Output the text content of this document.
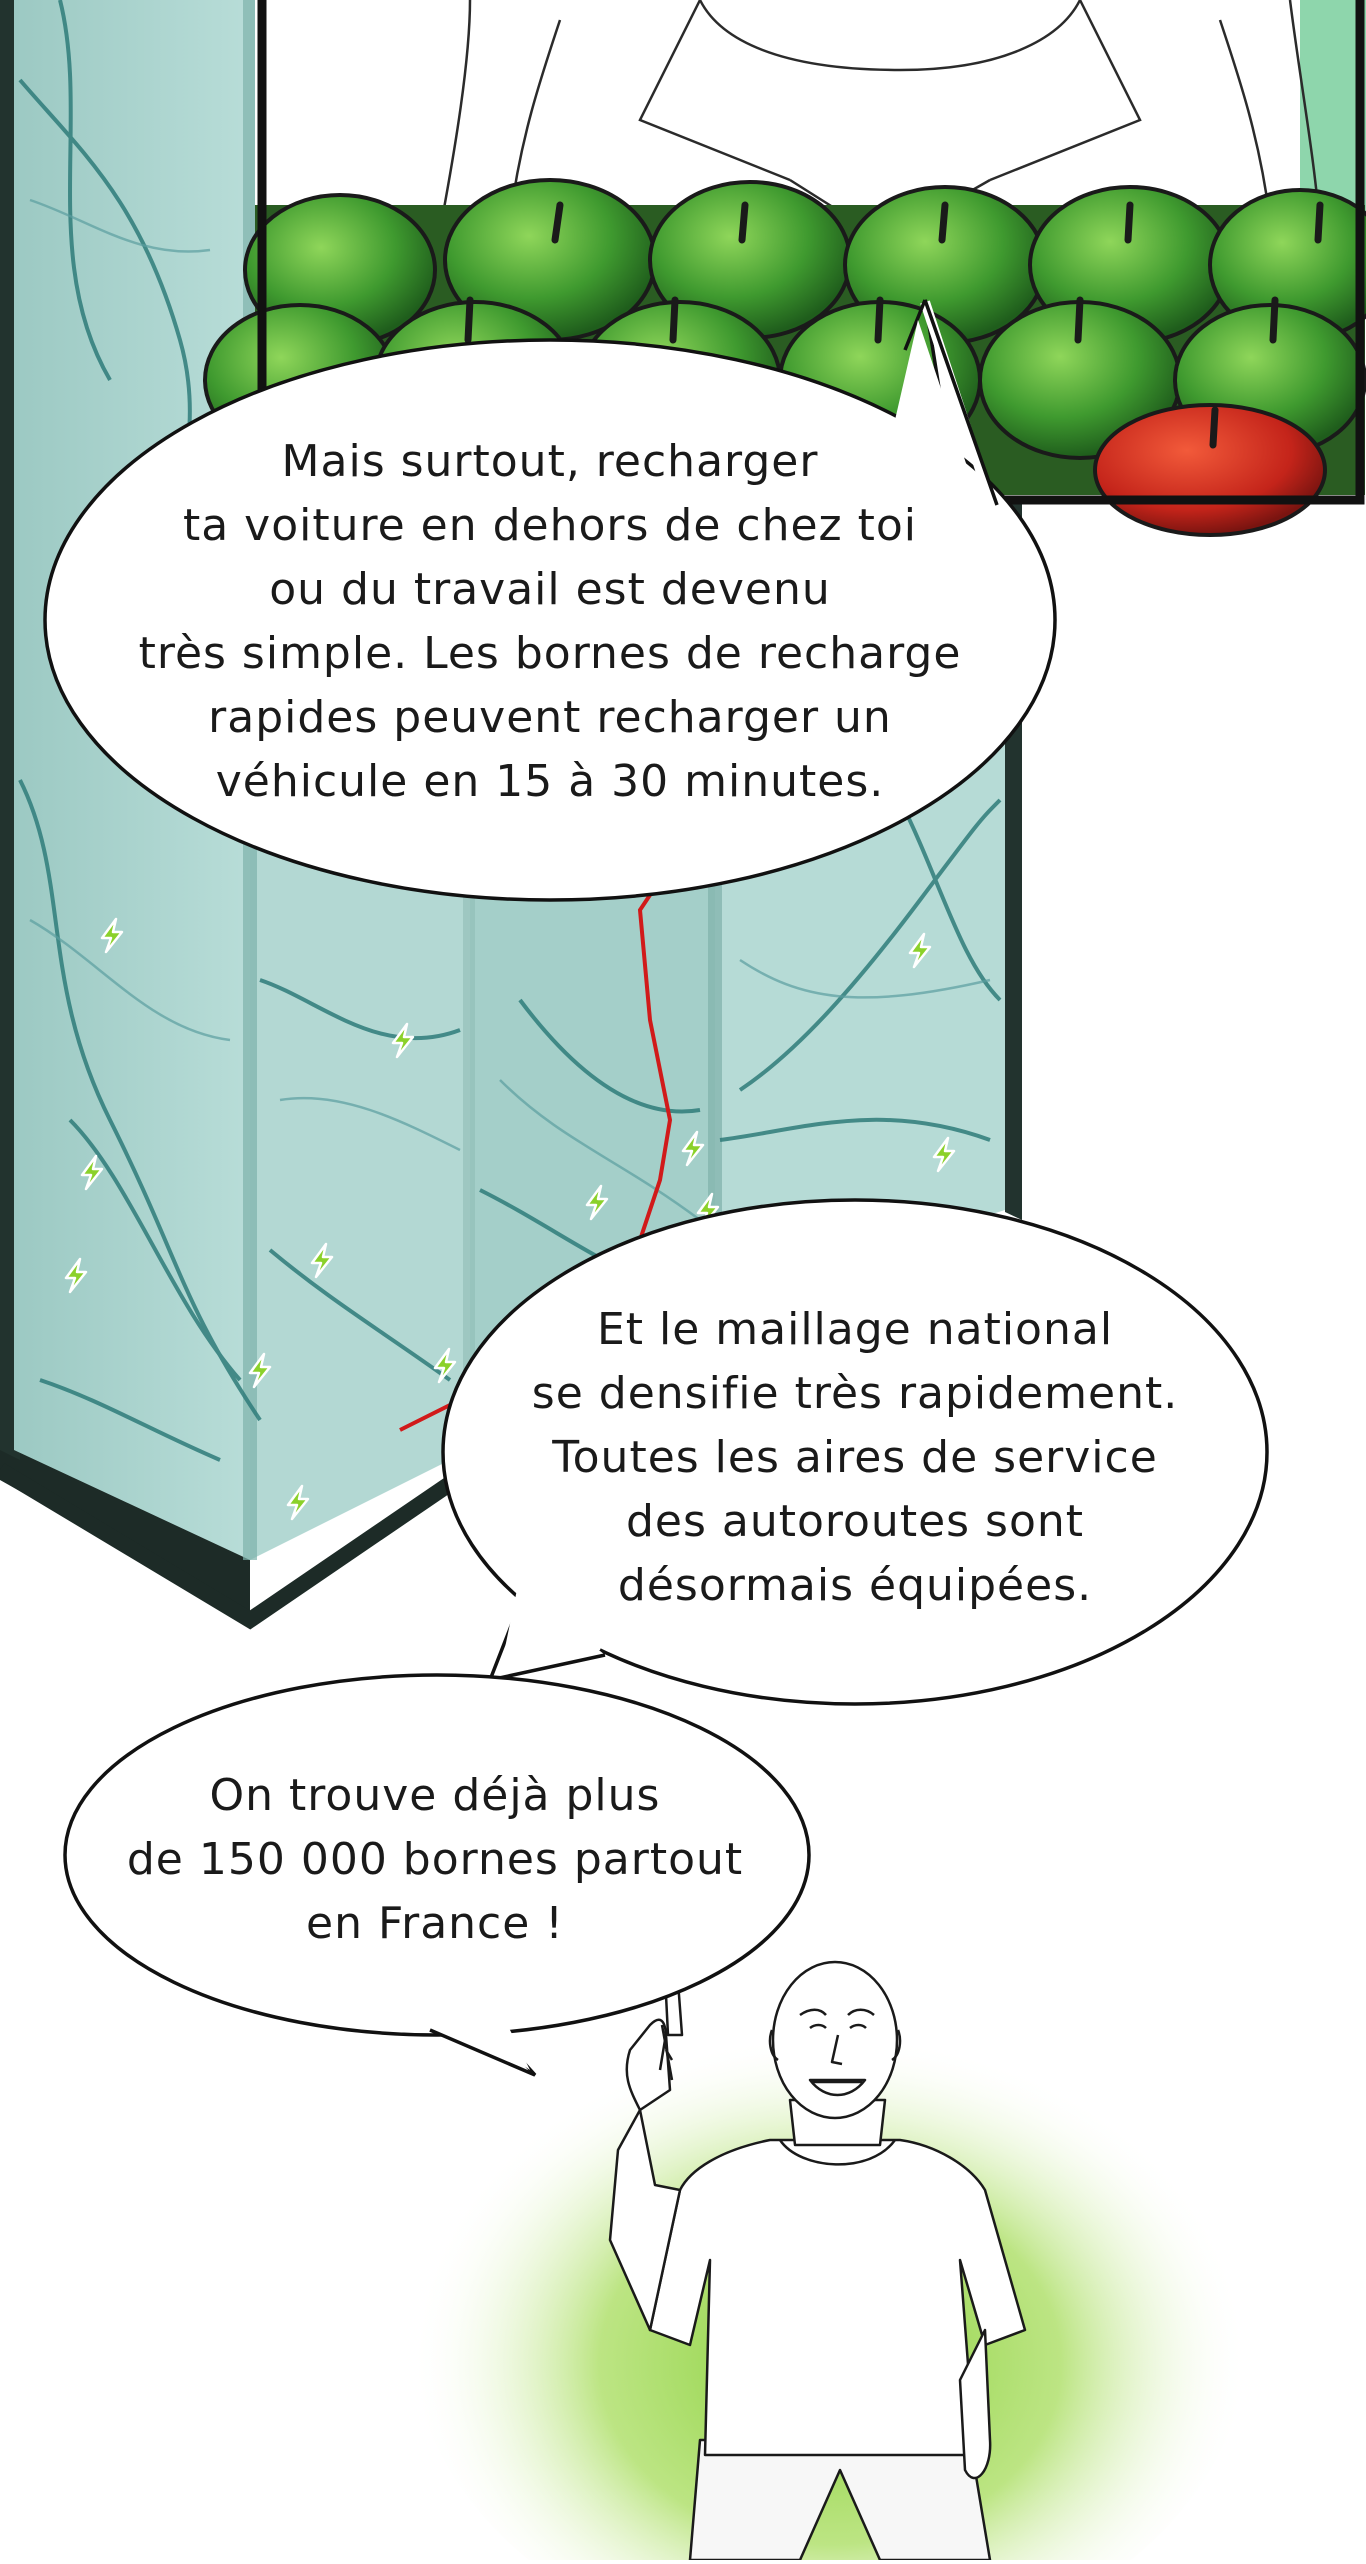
Mais surtout, recharger
ta voiture en dehors de chez toi
ou du travail est devenu
très simple. Les bornes de recharge
rapides peuvent recharger un
véhicule en 15 à 30 minutes.
Et le maillage national
se densifie très rapidement.
Toutes les aires de service
des autoroutes sont
désormais équipées.
On trouve déjà plus
de 150 000 bornes partout
en France !
